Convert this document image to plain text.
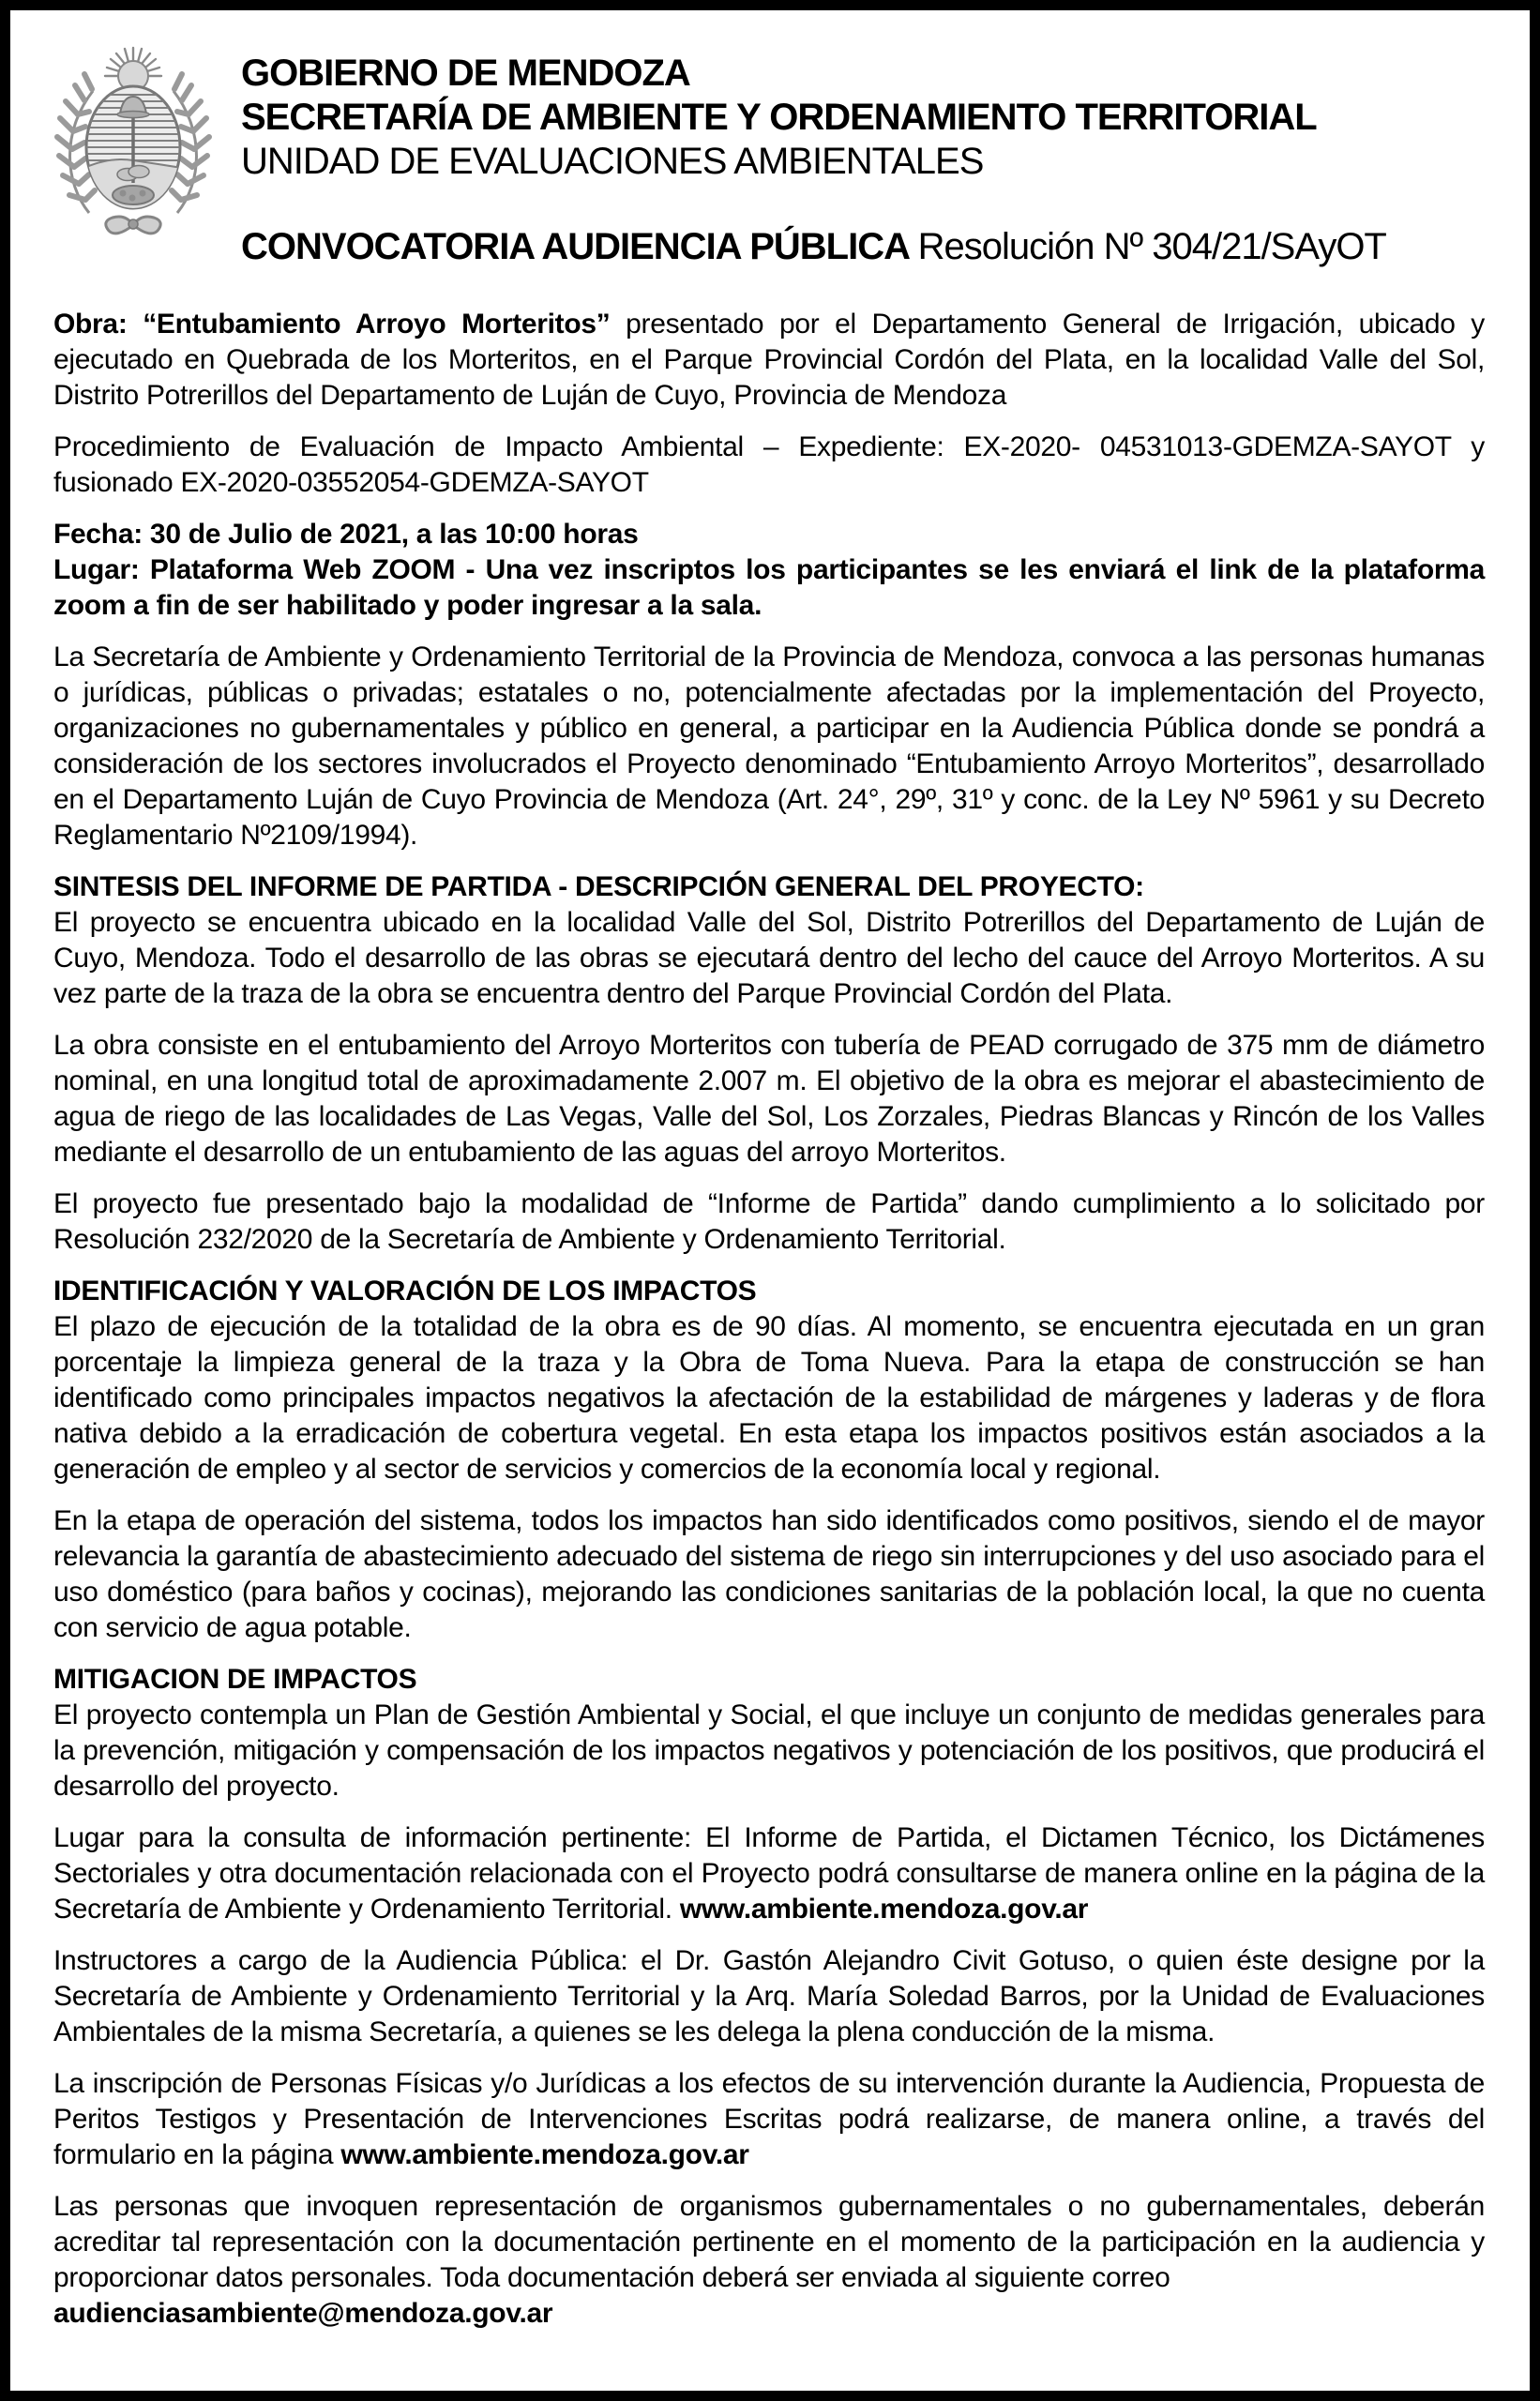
GOBIERNO DE MENDOZA
SECRETARÍA DE AMBIENTE Y ORDENAMIENTO TERRITORIAL
UNIDAD DE EVALUACIONES AMBIENTALES
CONVOCATORIA AUDIENCIA PÚBLICA Resolución Nº 304/21/SAyOT

Obra: “Entubamiento Arroyo Morteritos” presentado por el Departamento General de Irrigación, ubicado y ejecutado en Quebrada de los Morteritos, en el Parque Provincial Cordón del Plata, en la localidad Valle del Sol, Distrito Potrerillos del Departamento de Luján de Cuyo, Provincia de Mendoza

Procedimiento de Evaluación de Impacto Ambiental – Expediente: EX-2020- 04531013-GDEMZA-SAYOT y fusionado EX-2020-03552054-GDEMZA-SAYOT

Fecha: 30 de Julio de 2021, a las 10:00 horas

Lugar: Plataforma Web ZOOM - Una vez inscriptos los participantes se les enviará el link de la plataforma zoom a fin de ser habilitado y poder ingresar a la sala.

La Secretaría de Ambiente y Ordenamiento Territorial de la Provincia de Mendoza, convoca a las personas humanas o jurídicas, públicas o privadas; estatales o no, potencialmente afectadas por la implementación del Proyecto, organizaciones no gubernamentales y público en general, a participar en la Audiencia Pública donde se pondrá a consideración de los sectores involucrados el Proyecto denominado “Entubamiento Arroyo Morteritos”, desarrollado en el Departamento Luján de Cuyo Provincia de Mendoza (Art. 24°, 29º, 31º y conc. de la Ley Nº 5961 y su Decreto Reglamentario Nº2109/1994).

SINTESIS DEL INFORME DE PARTIDA - DESCRIPCIÓN GENERAL DEL PROYECTO:

El proyecto se encuentra ubicado en la localidad Valle del Sol, Distrito Potrerillos del Departamento de Luján de Cuyo, Mendoza. Todo el desarrollo de las obras se ejecutará dentro del lecho del cauce del Arroyo Morteritos. A su vez parte de la traza de la obra se encuentra dentro del Parque Provincial Cordón del Plata.

La obra consiste en el entubamiento del Arroyo Morteritos con tubería de PEAD corrugado de 375 mm de diámetro nominal, en una longitud total de aproximadamente 2.007 m. El objetivo de la obra es mejorar el abastecimiento de agua de riego de las localidades de Las Vegas, Valle del Sol, Los Zorzales, Piedras Blancas y Rincón de los Valles mediante el desarrollo de un entubamiento de las aguas del arroyo Morteritos.

El proyecto fue presentado bajo la modalidad de “Informe de Partida” dando cumplimiento a lo solicitado por Resolución 232/2020 de la Secretaría de Ambiente y Ordenamiento Territorial.

IDENTIFICACIÓN Y VALORACIÓN DE LOS IMPACTOS

El plazo de ejecución de la totalidad de la obra es de 90 días. Al momento, se encuentra ejecutada en un gran porcentaje la limpieza general de la traza y la Obra de Toma Nueva. Para la etapa de construcción se han identificado como principales impactos negativos la afectación de la estabilidad de márgenes y laderas y de flora nativa debido a la erradicación de cobertura vegetal. En esta etapa los impactos positivos están asociados a la generación de empleo y al sector de servicios y comercios de la economía local y regional.

En la etapa de operación del sistema, todos los impactos han sido identificados como positivos, siendo el de mayor relevancia la garantía de abastecimiento adecuado del sistema de riego sin interrupciones y del uso asociado para el uso doméstico (para baños y cocinas), mejorando las condiciones sanitarias de la población local, la que no cuenta con servicio de agua potable.

MITIGACION DE IMPACTOS

El proyecto contempla un Plan de Gestión Ambiental y Social, el que incluye un conjunto de medidas generales para la prevención, mitigación y compensación de los impactos negativos y potenciación de los positivos, que producirá el desarrollo del proyecto.

Lugar para la consulta de información pertinente: El Informe de Partida, el Dictamen Técnico, los Dictámenes Sectoriales y otra documentación relacionada con el Proyecto podrá consultarse de manera online en la página de la Secretaría de Ambiente y Ordenamiento Territorial. www.ambiente.mendoza.gov.ar

Instructores a cargo de la Audiencia Pública: el Dr. Gastón Alejandro Civit Gotuso, o quien éste designe por la Secretaría de Ambiente y Ordenamiento Territorial y la Arq. María Soledad Barros, por la Unidad de Evaluaciones Ambientales de la misma Secretaría, a quienes se les delega la plena conducción de la misma.

La inscripción de Personas Físicas y/o Jurídicas a los efectos de su intervención durante la Audiencia, Propuesta de Peritos Testigos y Presentación de Intervenciones Escritas podrá realizarse, de manera online, a través del formulario en la página www.ambiente.mendoza.gov.ar

Las personas que invoquen representación de organismos gubernamentales o no gubernamentales, deberán acreditar tal representación con la documentación pertinente en el momento de la participación en la audiencia y proporcionar datos personales. Toda documentación deberá ser enviada al siguiente correo

audienciasambiente@mendoza.gov.ar
